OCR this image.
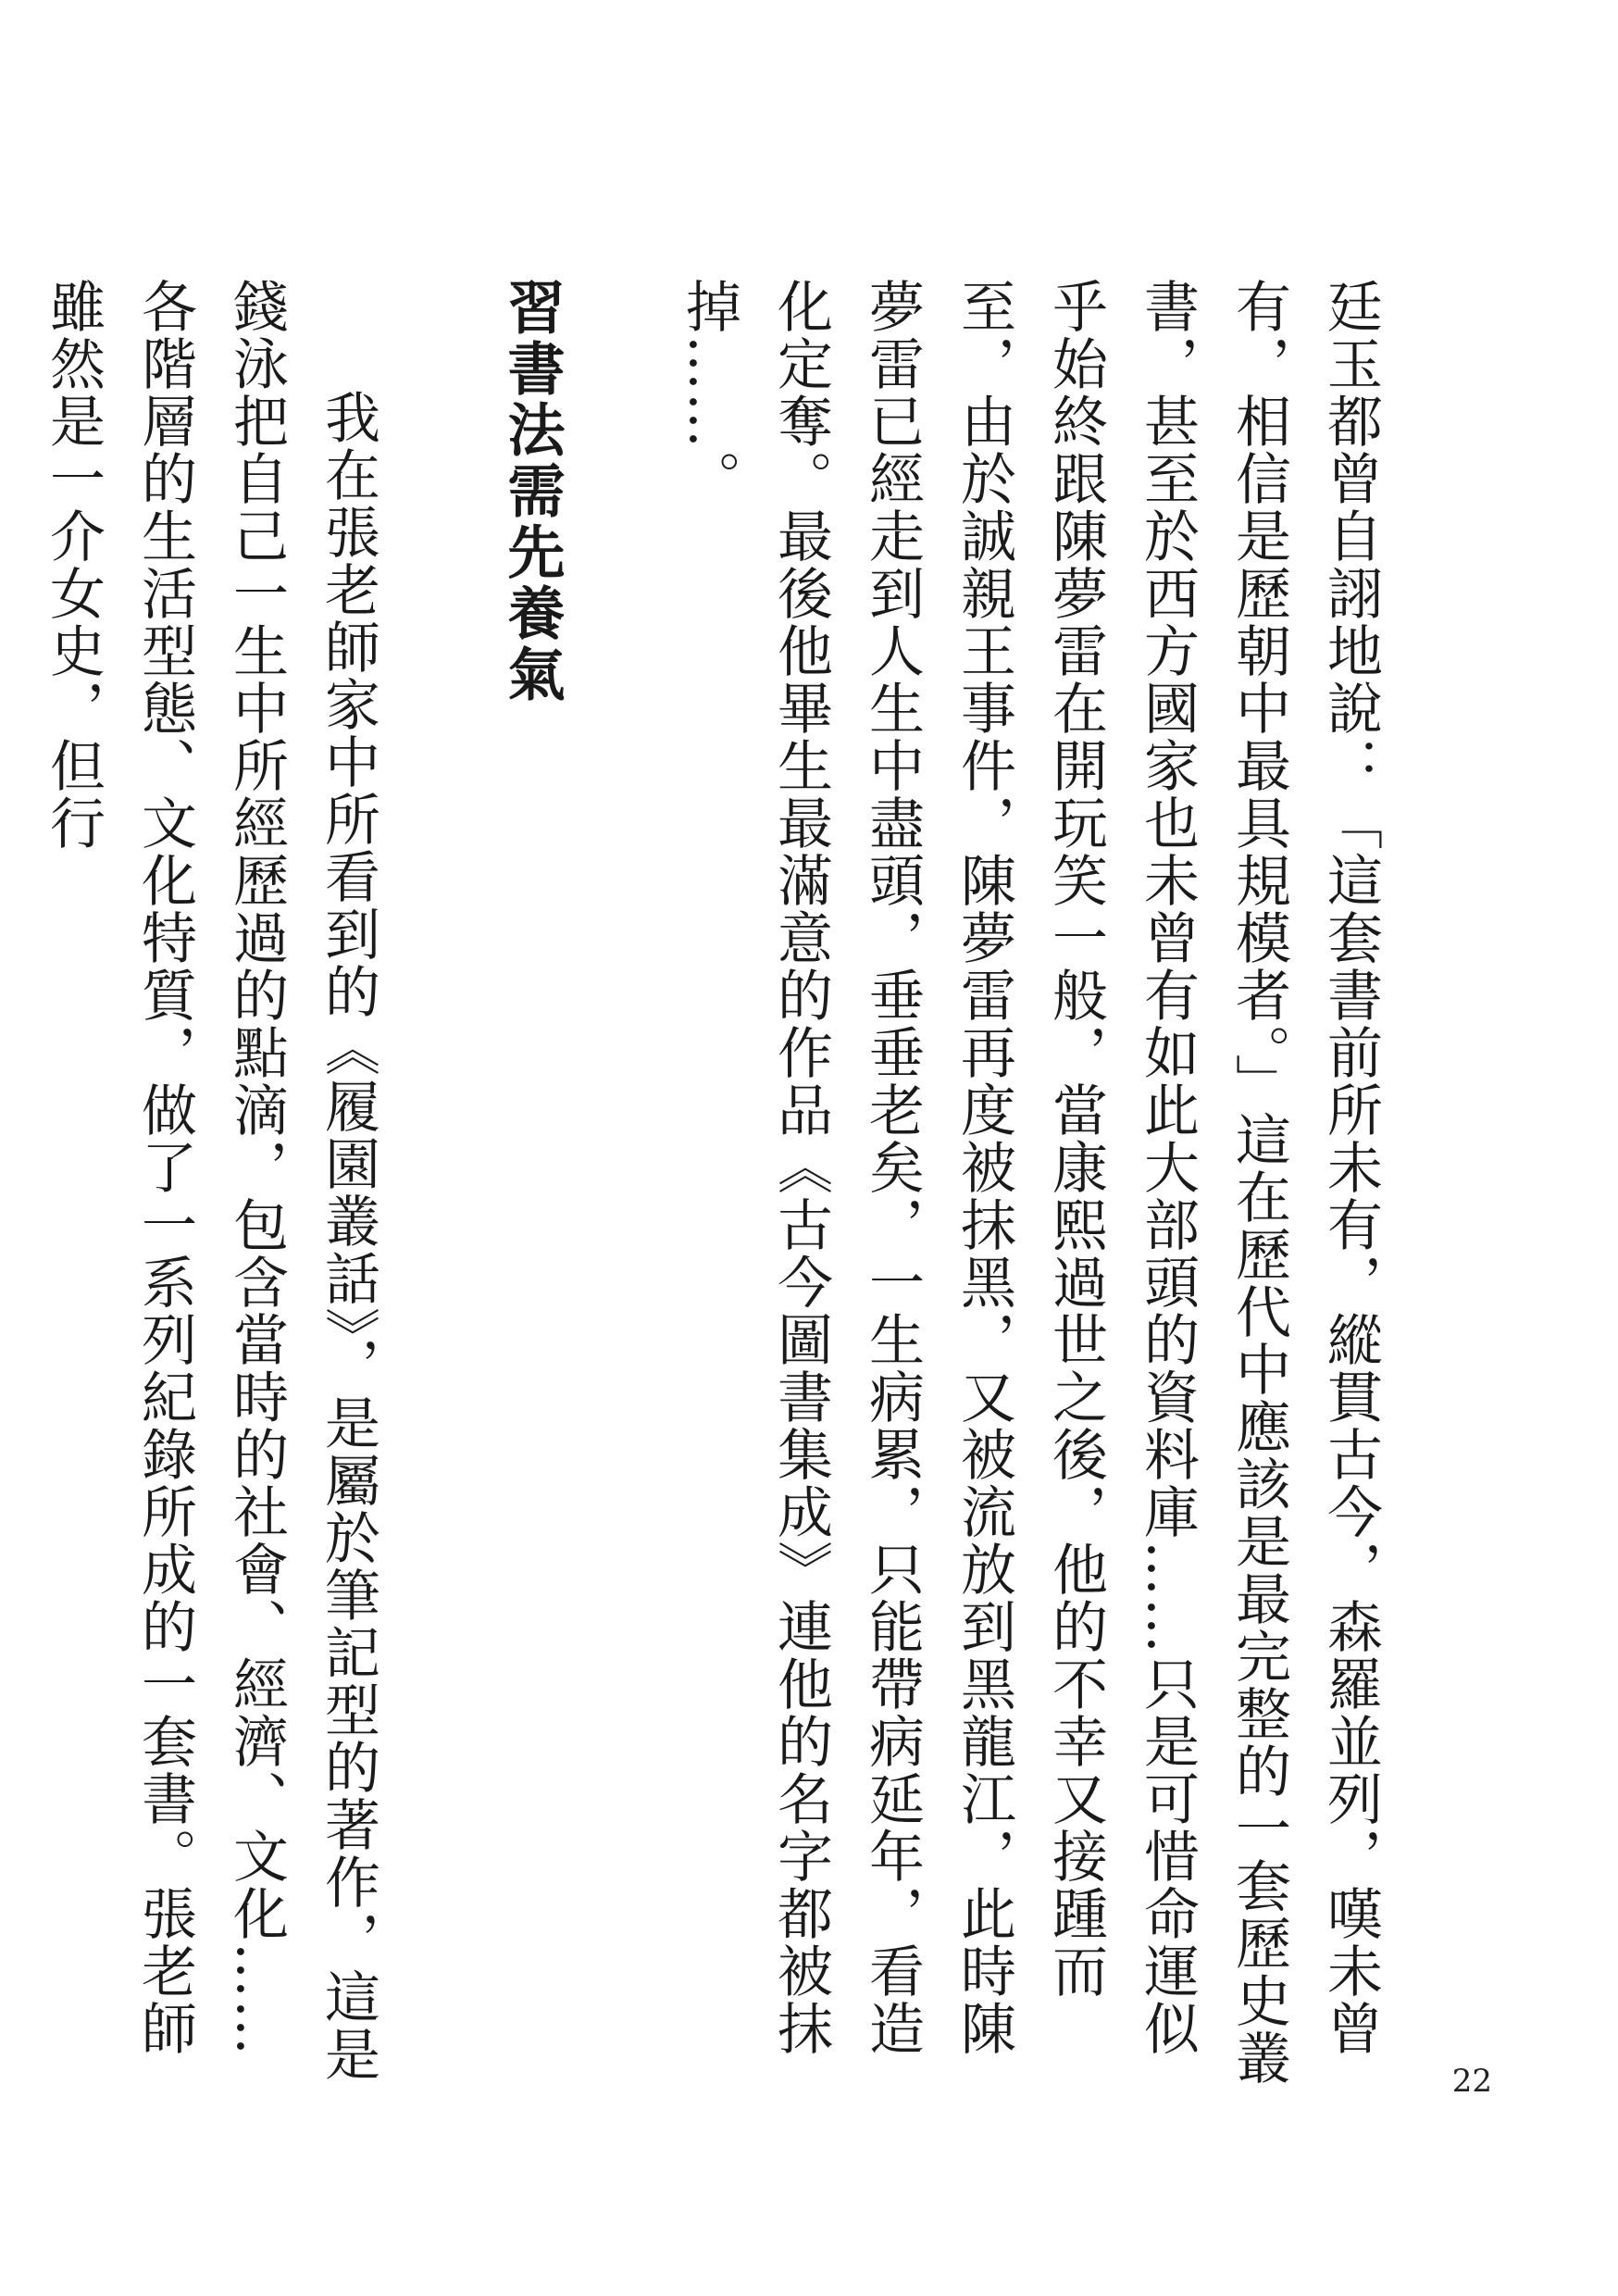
廷玉都曾自詡地說：「這套書前所未有，縱貫古今，森羅並列，嘆未曾有，相信是歷朝中最具規模者。」這在歷代中應該是最完整的一套歷史叢書，甚至於西方國家也未曾有如此大部頭的資料庫……只是可惜命運似乎始終跟陳夢雷在開玩笑一般，當康熙過世之後，他的不幸又接踵而至，由於誠親王事件，陳夢雷再度被抹黑，又被流放到黑龍江，此時陳夢雷已經走到人生中盡頭，垂垂老矣，一生病累，只能帶病延年，看造化定奪。最後他畢生最滿意的作品《古今圖書集成》連他的名字都被抹掉……。

習書法需先養氣

我在張老師家中所看到的《履園叢話》，是屬於筆記型的著作，這是錢泳把自己一生中所經歷過的點滴，包含當時的社會、經濟、文化……各階層的生活型態、文化特質，做了一系列紀錄所成的一套書。張老師雖然是一介女史，但行

22
